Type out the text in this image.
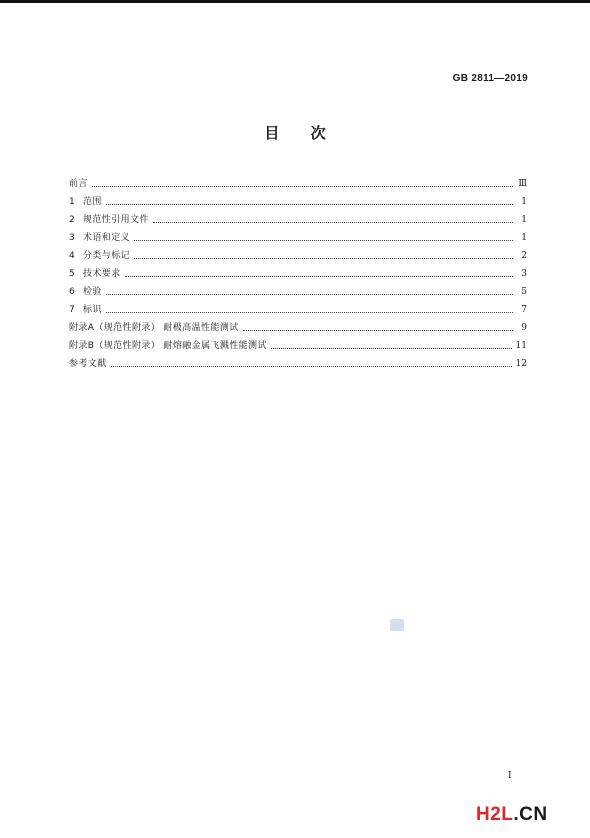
GB 2811—2019
目 次
前言	Ⅲ
1 范围	1
2 规范性引用文件	1
3 术语和定义	1
4 分类与标记	2
5 技术要求	3
6 检验	5
7 标识	7
附录A（规范性附录） 耐极高温性能测试	9
附录B（规范性附录） 耐熔融金属飞溅性能测试	11
参考文献	12
I
H2L.CN
